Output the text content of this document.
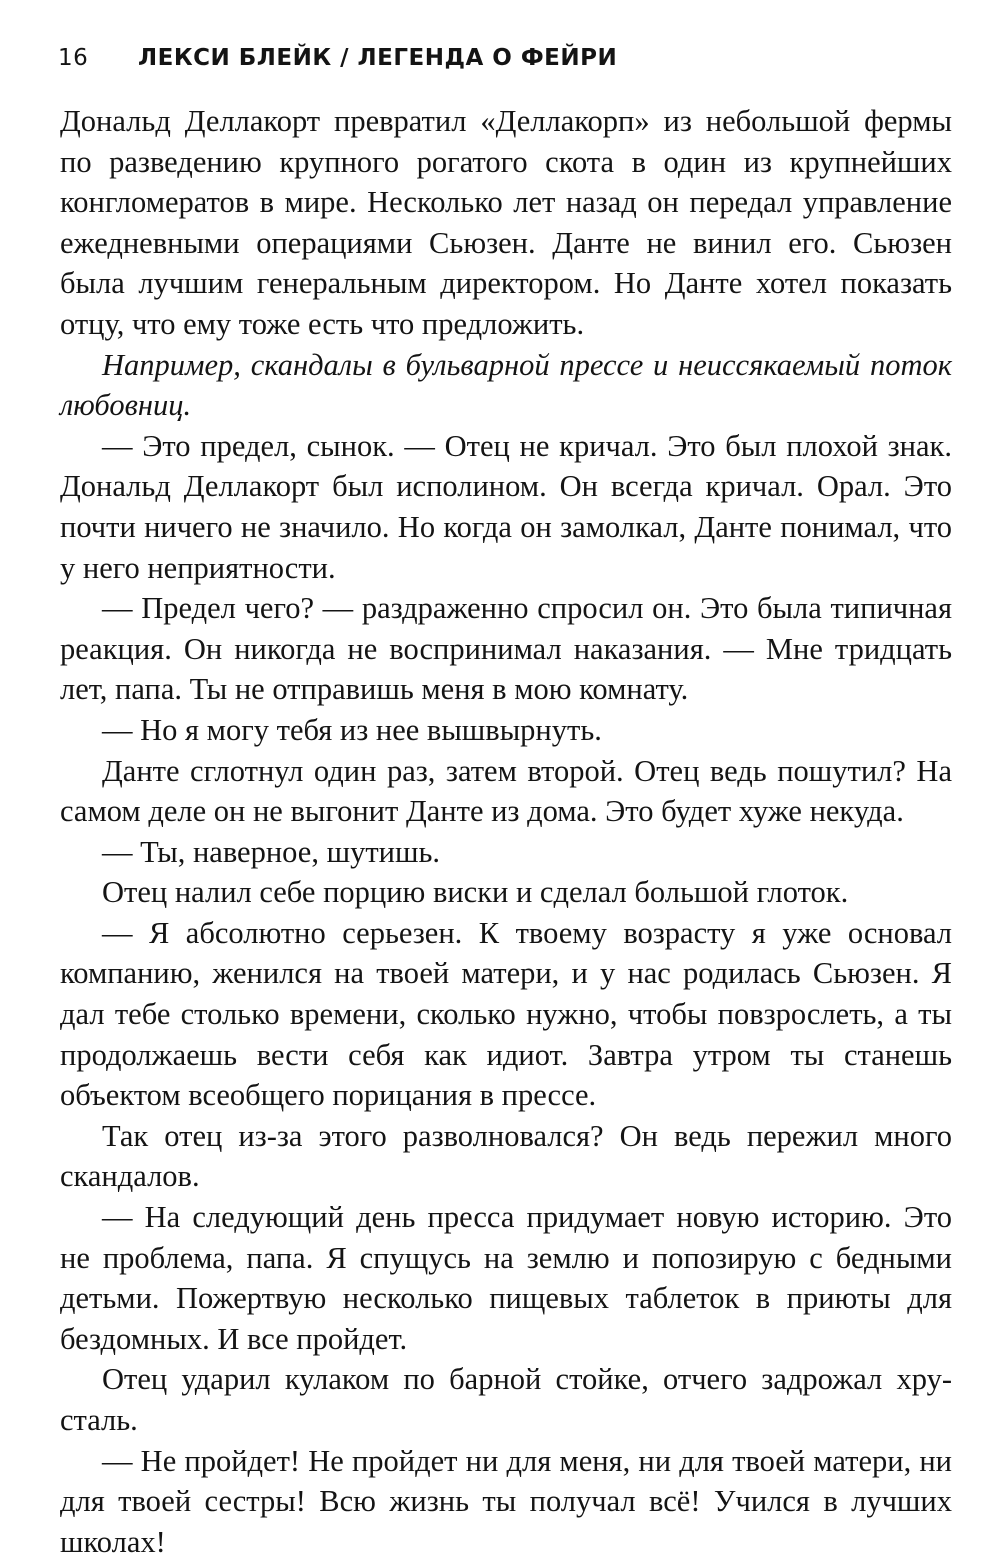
16 ЛЕКСИ БЛЕЙК / ЛЕГЕНДА О ФЕЙРИ

Дональд Деллакорт превратил «Деллакорп» из небольшой фермы по разведению крупного рогатого скота в один из крупнейших конгломератов в мире. Несколько лет назад он передал управление ежедневными операциями Сьюзен. Данте не винил его. Сьюзен была лучшим генеральным директором. Но Данте хотел показать отцу, что ему тоже есть что предложить.

Например, скандалы в бульварной прессе и неиссякаемый поток любовниц.

— Это предел, сынок. — Отец не кричал. Это был плохой знак. Дональд Деллакорт был исполином. Он всегда кричал. Орал. Это почти ничего не значило. Но когда он замолкал, Данте понимал, что у него неприятности.

— Предел чего? — раздраженно спросил он. Это была типичная реакция. Он никогда не воспринимал наказания. — Мне тридцать лет, папа. Ты не отправишь меня в мою комнату.

— Но я могу тебя из нее вышвырнуть.

Данте сглотнул один раз, затем второй. Отец ведь пошутил? На самом деле он не выгонит Данте из дома. Это будет хуже некуда.

— Ты, наверное, шутишь.

Отец налил себе порцию виски и сделал большой глоток.

— Я абсолютно серьезен. К твоему возрасту я уже основал компанию, женился на твоей матери, и у нас родилась Сьюзен. Я дал тебе столько времени, сколько нужно, чтобы повзрослеть, а ты продолжаешь вести себя как идиот. Завтра утром ты станешь объектом всеобщего порицания в прессе.

Так отец из-за этого разволновался? Он ведь пережил много скандалов.

— На следующий день пресса придумает новую историю. Это не проблема, папа. Я спущусь на землю и попозирую с бедными детьми. Пожертвую несколько пищевых таблеток в приюты для бездомных. И все пройдет.

Отец ударил кулаком по барной стойке, отчего задрожал хрусталь.

— Не пройдет! Не пройдет ни для меня, ни для твоей матери, ни для твоей сестры! Всю жизнь ты получал всё! Учился в лучших школах!
